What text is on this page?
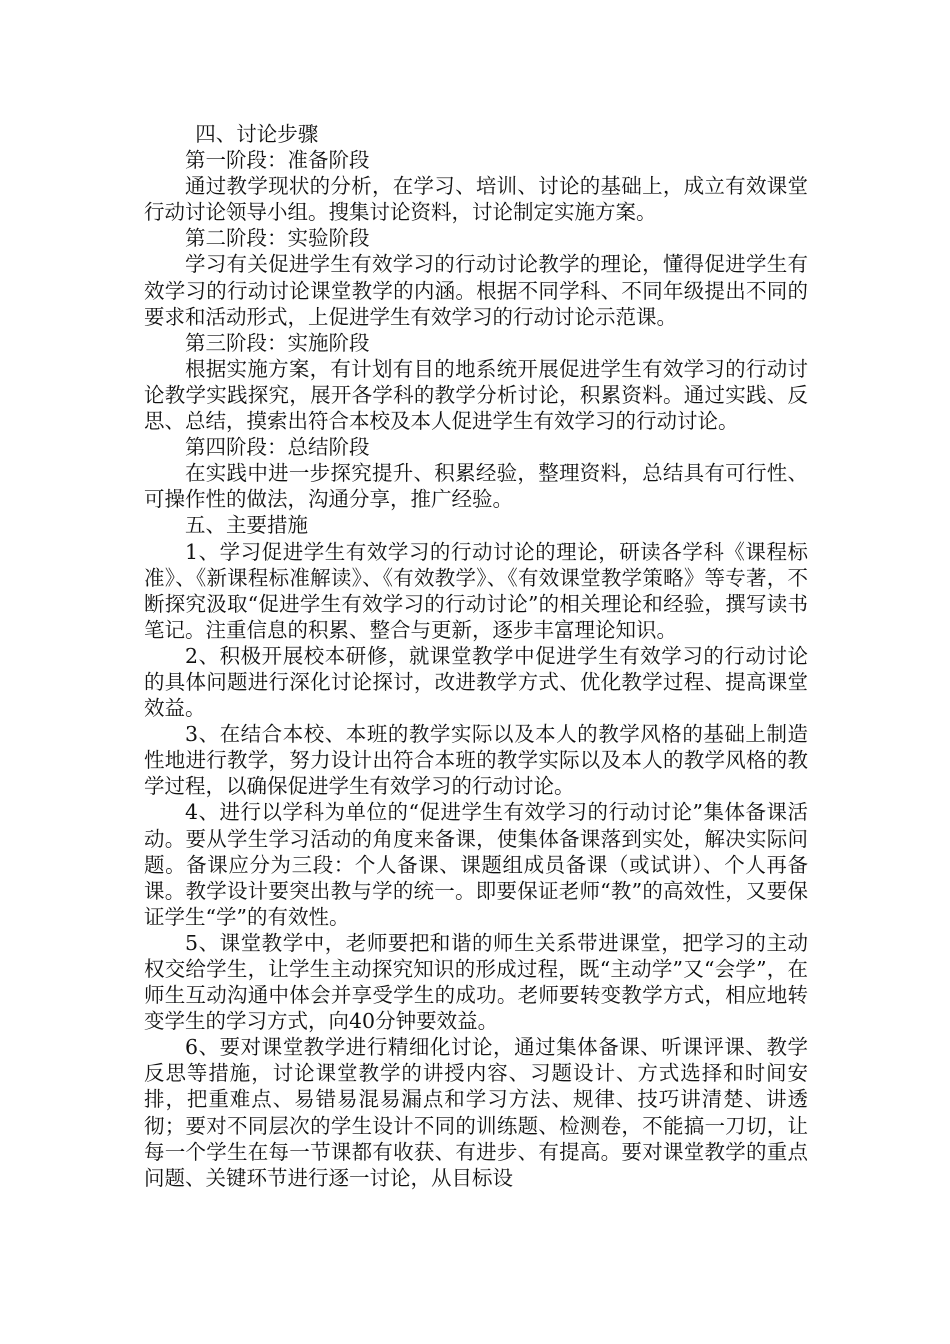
四、讨论步骤

第一阶段：准备阶段

通过教学现状的分析，在学习、培训、讨论的基础上，成立有效课堂行动讨论领导小组。搜集讨论资料，讨论制定实施方案。

第二阶段：实验阶段

学习有关促进学生有效学习的行动讨论教学的理论，懂得促进学生有效学习的行动讨论课堂教学的内涵。根据不同学科、不同年级提出不同的要求和活动形式，上促进学生有效学习的行动讨论示范课。

第三阶段：实施阶段

根据实施方案，有计划有目的地系统开展促进学生有效学习的行动讨论教学实践探究，展开各学科的教学分析讨论，积累资料。通过实践、反思、总结，摸索出符合本校及本人促进学生有效学习的行动讨论。

第四阶段：总结阶段

在实践中进一步探究提升、积累经验，整理资料，总结具有可行性、可操作性的做法，沟通分享，推广经验。

五、主要措施

1、学习促进学生有效学习的行动讨论的理论，研读各学科《课程标准》、《新课程标准解读》、《有效教学》、《有效课堂教学策略》等专著，不断探究汲取“促进学生有效学习的行动讨论”的相关理论和经验，撰写读书笔记。注重信息的积累、整合与更新，逐步丰富理论知识。

2、积极开展校本研修，就课堂教学中促进学生有效学习的行动讨论的具体问题进行深化讨论探讨，改进教学方式、优化教学过程、提高课堂效益。

3、在结合本校、本班的教学实际以及本人的教学风格的基础上制造性地进行教学，努力设计出符合本班的教学实际以及本人的教学风格的教学过程，以确保促进学生有效学习的行动讨论。

4、进行以学科为单位的“促进学生有效学习的行动讨论”集体备课活动。要从学生学习活动的角度来备课，使集体备课落到实处，解决实际问题。备课应分为三段：个人备课、课题组成员备课（或试讲）、个人再备课。教学设计要突出教与学的统一。即要保证老师“教”的高效性，又要保证学生“学”的有效性。

5、课堂教学中，老师要把和谐的师生关系带进课堂，把学习的主动权交给学生，让学生主动探究知识的形成过程，既“主动学”又“会学”，在师生互动沟通中体会并享受学生的成功。老师要转变教学方式，相应地转变学生的学习方式，向40分钟要效益。

6、要对课堂教学进行精细化讨论，通过集体备课、听课评课、教学反思等措施，讨论课堂教学的讲授内容、习题设计、方式选择和时间安排，把重难点、易错易混易漏点和学习方法、规律、技巧讲清楚、讲透彻；要对不同层次的学生设计不同的训练题、检测卷，不能搞一刀切，让每一个学生在每一节课都有收获、有进步、有提高。要对课堂教学的重点问题、关键环节进行逐一讨论，从目标设
